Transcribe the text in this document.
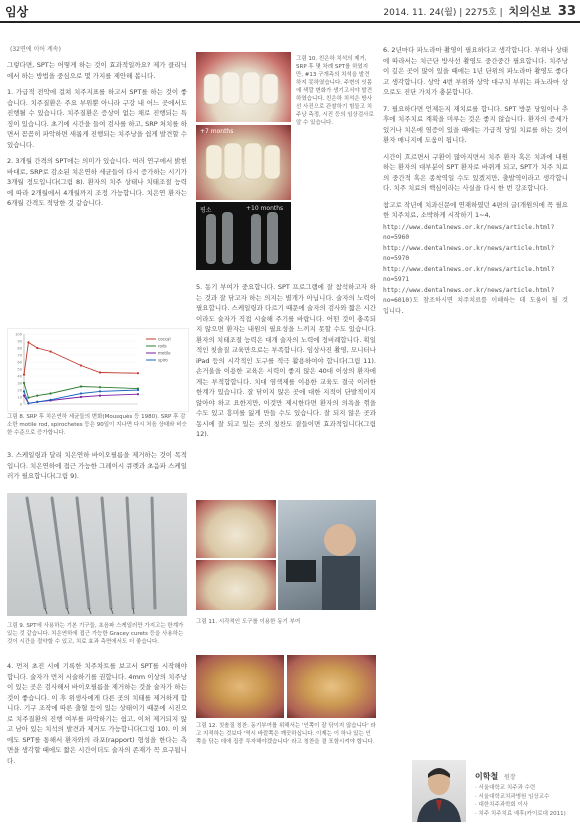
임상	2014. 11. 24(월) | 2275호 | 치의신보 33
(32면에 이어 계속)

그렇다면, SPT는 어떻게 하는 것이 효과적일까요? 제가 클리닉에서 하는 방법을 중심으로 몇 가지를 제안해 봅니다.

1. 가급적 전악에 걸쳐 치주지표를 하고서 SPT를 하는 것이 좋습니다. 치주질환은 주요 부위뿐 아니라 구강 내 어느 곳에서도 진행될 수 있습니다. 치주질환은 증상이 없는 채로 진행되는 특징이 있습니다. 초기에 시간을 들여 검사를 하고, SRP 처치를 하면서 꼼꼼히 파악하면 새롭게 진행되는 치주낭을 쉽게 발견할 수 있습니다.

2. 3개월 간격의 SPT에는 의미가 있습니다. 여러 연구에서 밝힌 바대로, SRP로 감소된 치은연하 세균들이 다시 증가하는 시기가 3개월 정도입니다(그림 8). 환자의 치주 상태나 치태조절 능력에 따라 2개월에서 4개월까지 조정 가능합니다. 치은연 환자는 6개월 간격도 적당한 것 같습니다.

100
90
80
70
60
50
40
30
20
10
0
coccal
rods
motile
spiro
그림 8. SRP 후 치은연하 세균들의 변화(Mousquès 등 1980). SRP 후 감소한 motile rod, spirochetes 등은 90일이 지나면 다시 처음 상태와 비슷한 수준으로 증가합니다.

3. 스케일링과 달리 치은연하 바이오필름을 제거하는 것이 목적입니다. 치은연하에 접근 가능한 그레이시 큐렛과 초음파 스케일러가 필요합니다(그림 9).

그림 9. SPT에 사용하는 기본 기구들, 초음파 스케일러만 가지고는 한계가 있는 것 같습니다. 치은연하에 접근 가능한 Gracey curets 등을 사용하는 것이 시간을 절약할 수 있고, 치료 효과 측면에서도 더 좋습니다.

4. 먼저 초진 시에 기록한 치주차트를 보고서 SPT를 시작해야 합니다. 술자가 먼저 시술하기를 권합니다. 4mm 이상의 치주낭이 있는 곳은 검사해서 바이오필름을 제거하는 것을 술자가 하는 것이 좋습니다. 이 후 위생사에게 다른 곳의 치태를 제거하게 합니다. 기구 조작에 따른 출혈 등이 있는 상태이기 때문에 시진으로 치주질환의 진행 여부를 파악하기는 쉽고, 이처 제거되지 않고 남아 있는 치석의 발견과 제거도 가능합니다(그림 10). 이 외에도 SPT를 통해서 환자와의 라포(rapport) 형성을 한다는 측면을 생각할 때에도 짧은 시간이더도 술자의 존재가 꼭 요구됩니다.

+7 months
평소	+10 months
그림 10. 친은하 치석의 제거, SRP 후 몇 차례 SPT를 하였지만, #13 구개측의 치석을 발견하지 못하였습니다. 주변의 잇몸에 색깔 변화가 생기고서야 발견하였습니다. 친은하 치석은 방사선 사진으로 관찰하기 힘들고 치주낭 측정, 시진 등의 임상검사로 알 수 있습니다.

5. 동기 부여가 중요합니다. SPT 프로그램에 잘 참석하고자 하는 것과 잘 닦고자 하는 의지는 별개가 아닙니다. 술자의 노력이 필요합니다. 스케일링과 다르기 때문에 술자의 검사와 짧은 시간이라도 술자가 직접 시술해 주기를 바랍니다. 어떤 것이 충족되지 않으면 환자는 내원의 필요성을 느끼지 못할 수도 있습니다. 환자의 치태조절 능력은 대개 술자의 노력에 정비례합니다. 획일적인 칫솔질 교육만으로는 부족합니다. 임상사진 촬영, 모니터나 iPad 등의 시각적인 도구를 적극 활용하여야 합니다(그림 11). 손거울을 이용한 교육은 시력이 좋지 않은 40대 이상의 환자에게는 부적합합니다. 치대 염색제를 이용한 교육도 결국 이러한 한계가 있습니다. 잘 닦이지 않은 곳에 대한 지적이 단발적이지 않아야 하고 요한지만, 이것만 제시한다면 환자의 의욕을 꺾을 수도 있고 흥미를 잃게 만들 수도 있습니다. 잘 되지 않은 곳과 동시에 잘 되고 있는 곳의 칭찬도 곁들이면 효과적입니다(그림 12).

그림 11. 시각적인 도구를 이용한 동기 부여
그림 12. 칫솔질 칭찬. 동기부여를 위해서는 '인쪽이 잘 닦이지 않습니다' 라고 지적하는 것보다 '역시 바깥쪽은 깨끗하십니다. 이제는 이 하나 있는 인쪽을 닦는 데에 집중 투자해야겠습니다' 라고 칭찬을 곁 포함시켜야 합니다.

6. 2년마다 파노라마 촬영이 필요하다고 생각합니다. 부위나 상태에 따라서는 치근단 방사선 촬영도 중간중간 필요합니다. 치주낭이 깊은 곳이 많이 있을 때에는 1년 단위의 파노라마 촬영도 좋다고 생각합니다. 상악 4번 부위와 상악 대구치 부위는 파노라마 상으로도 진단 가치가 충분합니다.

7. 필요하다면 언제든지 재치료를 합니다. SPT 방문 당일이나 추후에 치주치료 계획을 미루는 것은 좋지 않습니다. 환자의 증세가 있거나 치은에 염증이 있을 때에는 가급적 당일 치료를 하는 것이 환자 매니지에 도움이 됩니다.

시간이 흐르면서 구환이 많아지면서 치주 환자 혹은 치과에 내원하는 환자의 대부분이 SPT 환자로 바뀌게 되고, SPT가 치주 치료의 중간적 혹은 종착역일 수도 있겠지만, 출발역이라고 생각합니다. 치주 치료의 핵심이라는 사실을 다시 한 번 강조합니다.

참고로 작년에 치과신문에 연재하였던 4편의 글(개원의에 꼭 필요한 치주치료, 소박하게 시작하기 1~4,

http://www.dentalnews.or.kr/news/article.html?no=5960
http://www.dentalnews.or.kr/news/article.html?no=5970
http://www.dentalnews.or.kr/news/article.html?no=5971
http://www.dentalnews.or.kr/news/article.html?no=6010)도 참조하시면 치주치료를 이해하는 데 도움이 될 것입니다.
이학철 원장
· 서울대학교 치주과 수련
· 서울대학교치과병원 임상교수
· 대한치주과학회 이사
· 치주 치주치료 예후(카이로대 2011)
